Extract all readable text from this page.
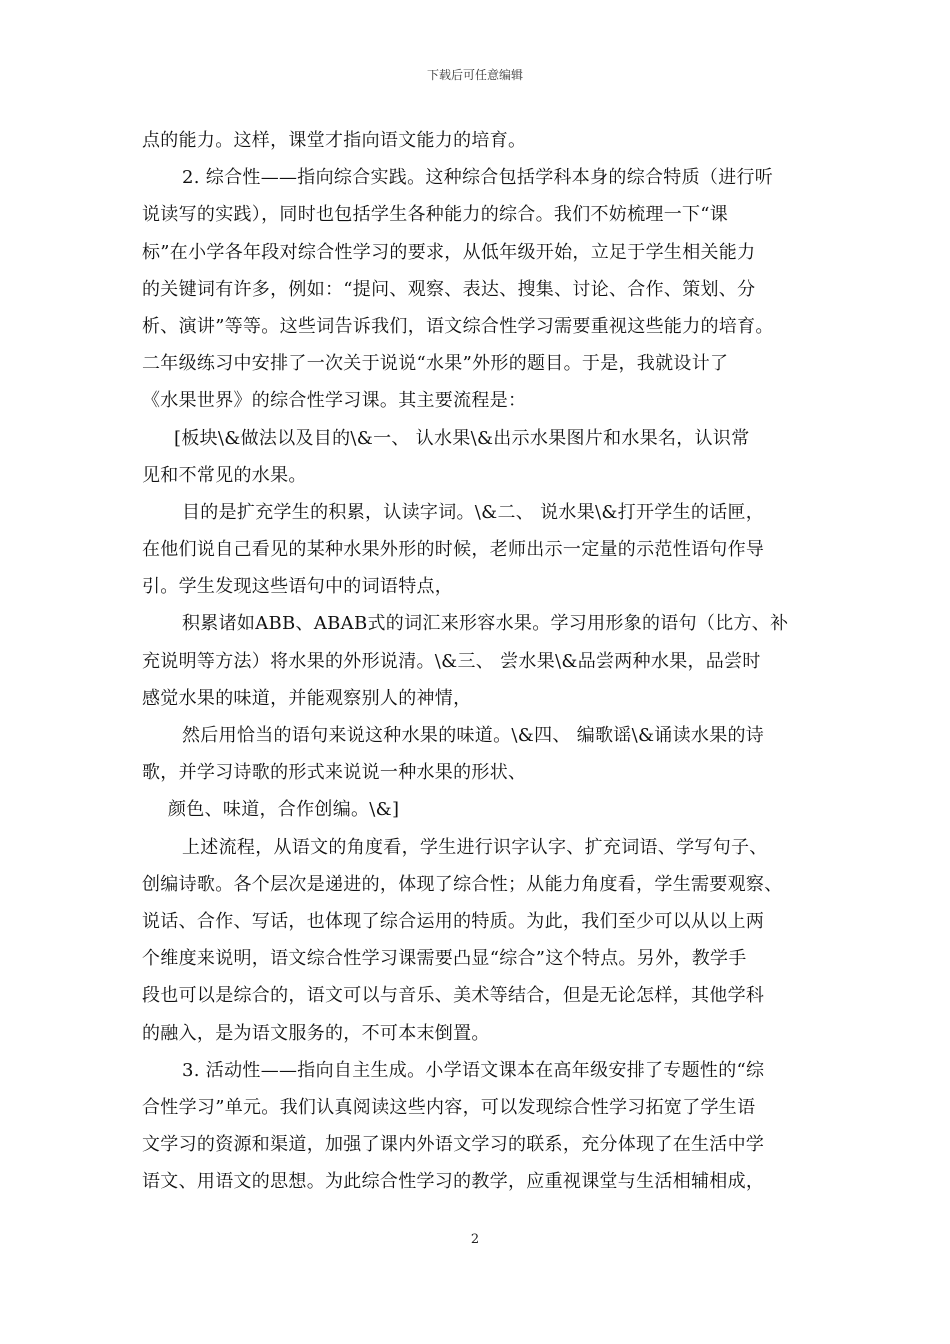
下载后可任意编辑
点的能力。这样，课堂才指向语文能力的培育。
2. 综合性——指向综合实践。这种综合包括学科本身的综合特质（进行听
说读写的实践），同时也包括学生各种能力的综合。我们不妨梳理一下“课
标”在小学各年段对综合性学习的要求，从低年级开始，立足于学生相关能力
的关键词有许多，例如：“提问、观察、表达、搜集、讨论、合作、策划、分
析、演讲”等等。这些词告诉我们，语文综合性学习需要重视这些能力的培育。
二年级练习中安排了一次关于说说“水果”外形的题目。于是，我就设计了
《水果世界》的综合性学习课。其主要流程是：
[板块\&做法以及目的\&一、 认水果\&出示水果图片和水果名，认识常
见和不常见的水果。
目的是扩充学生的积累，认读字词。\&二、 说水果\&打开学生的话匣，
在他们说自己看见的某种水果外形的时候，老师出示一定量的示范性语句作导
引。学生发现这些语句中的词语特点，
积累诸如ABB、ABAB式的词汇来形容水果。学习用形象的语句（比方、补
充说明等方法）将水果的外形说清。\&三、 尝水果\&品尝两种水果，品尝时
感觉水果的味道，并能观察别人的神情，
然后用恰当的语句来说这种水果的味道。\&四、 编歌谣\&诵读水果的诗
歌，并学习诗歌的形式来说说一种水果的形状、
颜色、味道，合作创编。\&]
上述流程，从语文的角度看，学生进行识字认字、扩充词语、学写句子、
创编诗歌。各个层次是递进的，体现了综合性；从能力角度看，学生需要观察、
说话、合作、写话，也体现了综合运用的特质。为此，我们至少可以从以上两
个维度来说明，语文综合性学习课需要凸显“综合”这个特点。另外，教学手
段也可以是综合的，语文可以与音乐、美术等结合，但是无论怎样，其他学科
的融入，是为语文服务的，不可本末倒置。
3. 活动性——指向自主生成。小学语文课本在高年级安排了专题性的“综
合性学习”单元。我们认真阅读这些内容，可以发现综合性学习拓宽了学生语
文学习的资源和渠道，加强了课内外语文学习的联系，充分体现了在生活中学
语文、用语文的思想。为此综合性学习的教学，应重视课堂与生活相辅相成，
2
